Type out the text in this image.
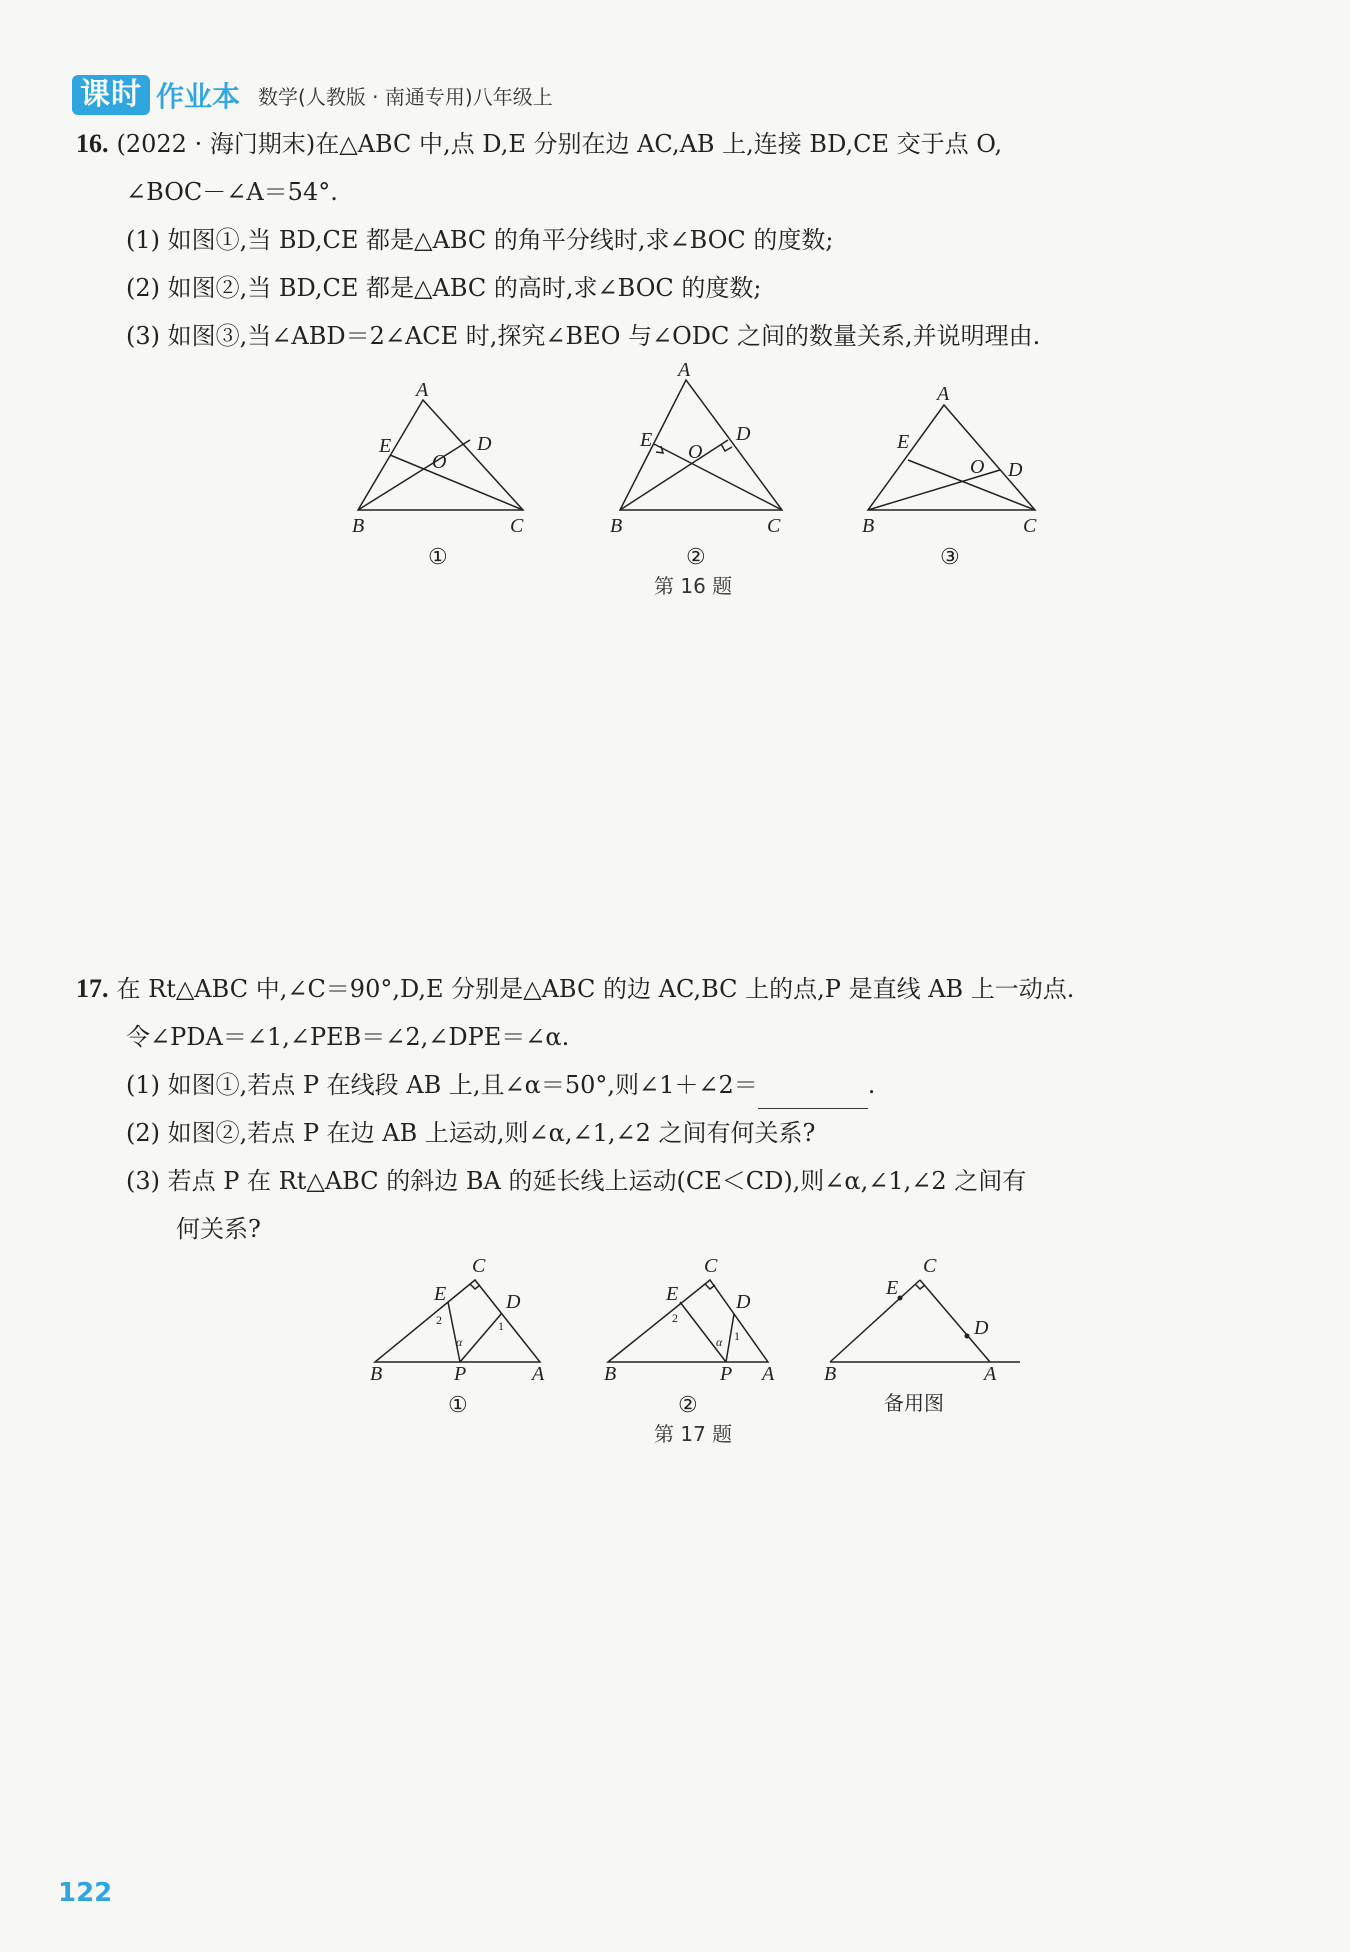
课时 作业本 数学(人教版 · 南通专用)八年级上
16. (2022 · 海门期末)在△ABC 中,点 D,E 分别在边 AC,AB 上,连接 BD,CE 交于点 O,
∠BOC－∠A＝54°.
(1) 如图①,当 BD,CE 都是△ABC 的角平分线时,求∠BOC 的度数;
(2) 如图②,当 BD,CE 都是△ABC 的高时,求∠BOC 的度数;
(3) 如图③,当∠ABD＝2∠ACE 时,探究∠BEO 与∠ODC 之间的数量关系,并说明理由.
A
E	D
O
B	C
A
E	D
O
B	C
A
E
O D
B	C
①	②	③
第 16 题
17. 在 Rt△ABC 中,∠C＝90°,D,E 分别是△ABC 的边 AC,BC 上的点,P 是直线 AB 上一动点.
令∠PDA＝∠1,∠PEB＝∠2,∠DPE＝∠α.
(1) 如图①,若点 P 在线段 AB 上,且∠α＝50°,则∠1＋∠2＝	.
(2) 如图②,若点 P 在边 AB 上运动,则∠α,∠1,∠2 之间有何关系?
(3) 若点 P 在 Rt△ABC 的斜边 BA 的延长线上运动(CE＜CD),则∠α,∠1,∠2 之间有
何关系?
C
E	D
B	P	A
C
E	D
B	P A
C
E
D
B	A
2	1
α
2
1
α
①	②	备用图
第 17 题
122
